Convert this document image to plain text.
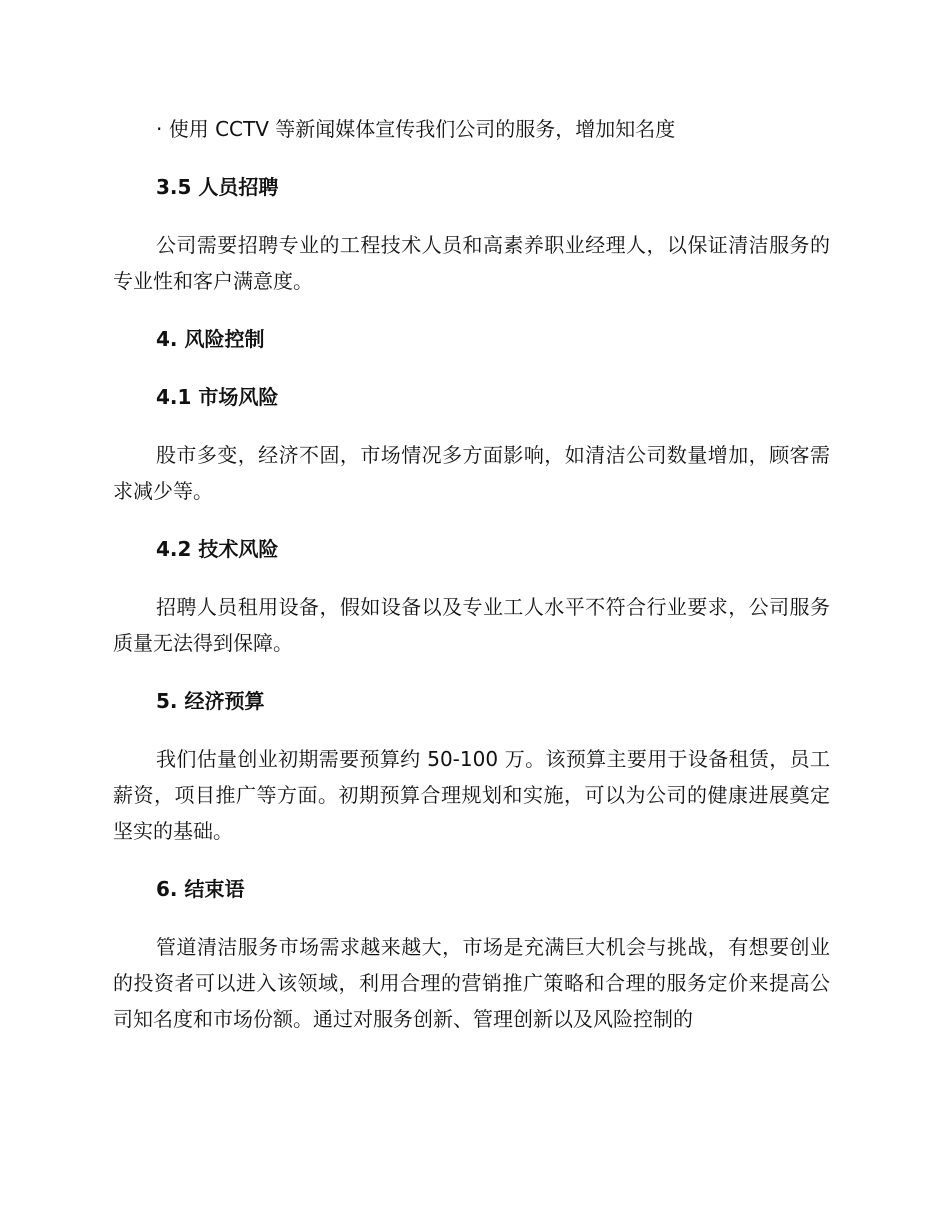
· 使用 CCTV 等新闻媒体宣传我们公司的服务，增加知名度

3.5 人员招聘

公司需要招聘专业的工程技术人员和高素养职业经理人，以保证清洁服务的专业性和客户满意度。

4. 风险控制

4.1 市场风险

股市多变，经济不固，市场情况多方面影响，如清洁公司数量增加，顾客需求减少等。

4.2 技术风险

招聘人员租用设备，假如设备以及专业工人水平不符合行业要求，公司服务质量无法得到保障。

5. 经济预算

我们估量创业初期需要预算约 50-100 万。该预算主要用于设备租赁，员工薪资，项目推广等方面。初期预算合理规划和实施，可以为公司的健康进展奠定坚实的基础。

6. 结束语

管道清洁服务市场需求越来越大，市场是充满巨大机会与挑战，有想要创业的投资者可以进入该领域，利用合理的营销推广策略和合理的服务定价来提高公司知名度和市场份额。通过对服务创新、管理创新以及风险控制的
